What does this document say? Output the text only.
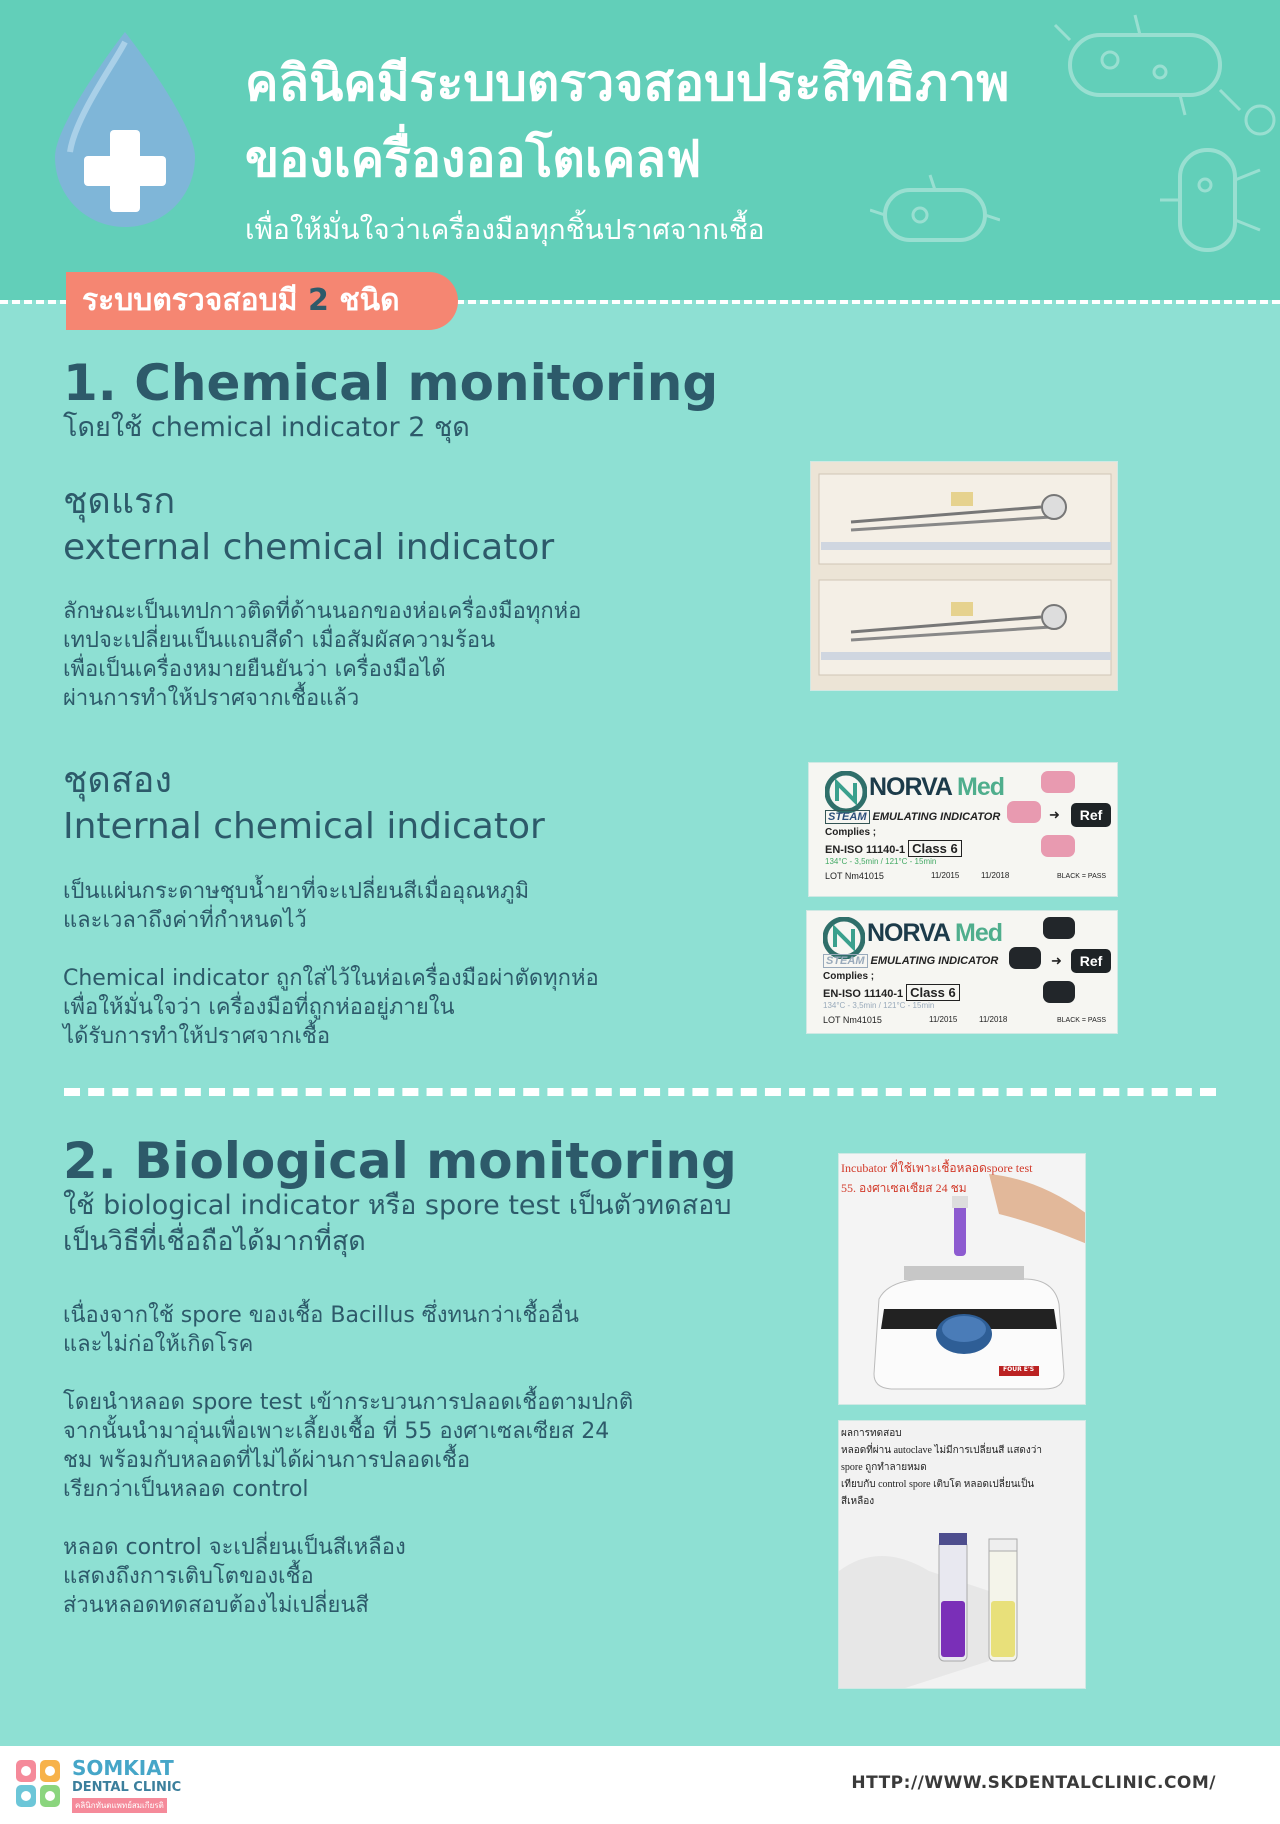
คลินิคมีระบบตรวจสอบประสิทธิภาพ
ของเครื่องออโตเคลฟ
เพื่อให้มั่นใจว่าเครื่องมือทุกชิ้นปราศจากเชื้อ
ระบบตรวจสอบมี 2 ชนิด
1. Chemical monitoring
โดยใช้ chemical indicator 2 ชุด
ชุดแรก
external chemical indicator
ลักษณะเป็นเทปกาวติดที่ด้านนอกของห่อเครื่องมือทุกห่อ
เทปจะเปลี่ยนเป็นแถบสีดำ เมื่อสัมผัสความร้อน
เพื่อเป็นเครื่องหมายยืนยันว่า เครื่องมือได้
ผ่านการทำให้ปราศจากเชื้อแล้ว
ชุดสอง
Internal chemical indicator
เป็นแผ่นกระดาษชุบน้ำยาที่จะเปลี่ยนสีเมื่ออุณหภูมิ
และเวลาถึงค่าที่กำหนดไว้
Chemical indicator ถูกใส่ไว้ในห่อเครื่องมือผ่าตัดทุกห่อ
เพื่อให้มั่นใจว่า เครื่องมือที่ถูกห่ออยู่ภายใน
ได้รับการทำให้ปราศจากเชื้อ
NORVA Med
STEAM EMULATING INDICATOR
Complies ;
EN-ISO 11140-1 Class 6
134°C - 3,5min / 121°C - 15min
LOT Nm41015	11/2015	11/2018	BLACK = PASS
➜	Ref
NORVA Med
STEAM EMULATING INDICATOR
Complies ;
EN-ISO 11140-1 Class 6
134°C - 3,5min / 121°C - 15min
LOT Nm41015	11/2015	11/2018	BLACK = PASS
➜	Ref
2. Biological monitoring
ใช้ biological indicator หรือ spore test เป็นตัวทดสอบ
เป็นวิธีที่เชื่อถือได้มากที่สุด
เนื่องจากใช้ spore ของเชื้อ Bacillus ซึ่งทนกว่าเชื้ออื่น
และไม่ก่อให้เกิดโรค
โดยนำหลอด spore test เข้ากระบวนการปลอดเชื้อตามปกติ
จากนั้นนำมาอุ่นเพื่อเพาะเลี้ยงเชื้อ ที่ 55 องศาเซลเซียส 24
ชม พร้อมกับหลอดที่ไม่ได้ผ่านการปลอดเชื้อ
เรียกว่าเป็นหลอด control
หลอด control จะเปลี่ยนเป็นสีเหลือง
แสดงถึงการเติบโตของเชื้อ
ส่วนหลอดทดสอบต้องไม่เปลี่ยนสี
Incubator ที่ใช้เพาะเชื้อหลอดspore test
55. องศาเซลเซียส 24 ชม
FOUR E'S
ผลการทดสอบ
หลอดที่ผ่าน autoclave ไม่มีการเปลี่ยนสี แสดงว่า
spore ถูกทำลายหมด
เทียบกับ control spore เติบโต หลอดเปลี่ยนเป็น
สีเหลือง
SOMKIAT
DENTAL CLINIC
คลินิกทันตแพทย์สมเกียรติ
HTTP://WWW.SKDENTALCLINIC.COM/
